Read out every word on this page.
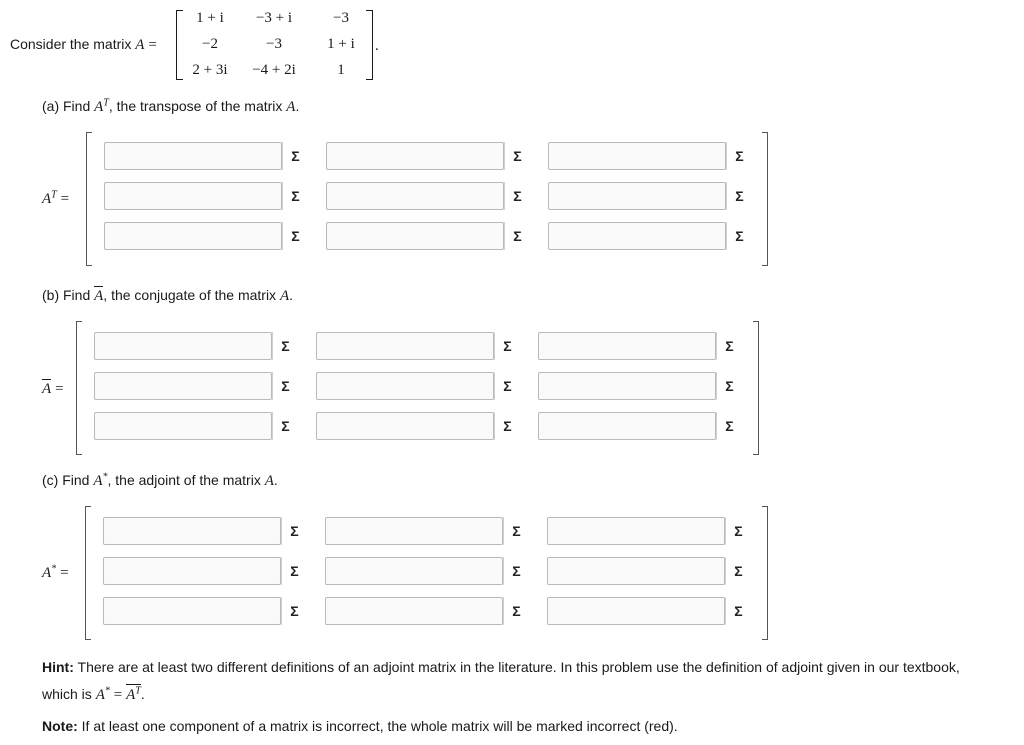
Consider the matrix A =
1 + i	−3 + i	−3
−2	−3	1 + i
2 + 3i	−4 + 2i	1
.
(a) Find $A^T$, the transpose of the matrix A.
$A^T$ =
Σ	Σ	Σ
Σ	Σ	Σ
Σ	Σ	Σ
(b) Find A, the conjugate of the matrix A.
A =
Σ	Σ	Σ
Σ	Σ	Σ
Σ	Σ	Σ
(c) Find A*, the adjoint of the matrix A.
A* =
Σ	Σ	Σ
Σ	Σ	Σ
Σ	Σ	Σ
Hint: There are at least two different definitions of an adjoint matrix in the literature. In this problem use the definition of adjoint given in our textbook, which is $A^* = A^T$.
Note: If at least one component of a matrix is incorrect, the whole matrix will be marked incorrect (red).
